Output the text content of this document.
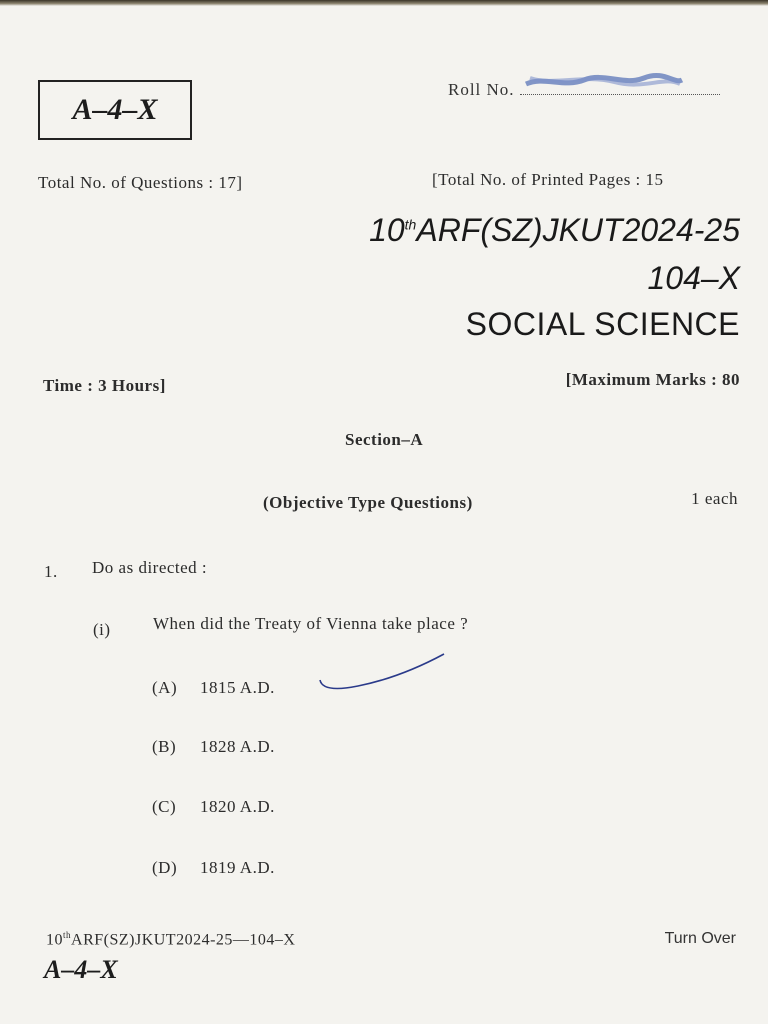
A–4–X
Roll No.
Total No. of Questions : 17]	[Total No. of Printed Pages : 15
10thARF(SZ)JKUT2024-25
104–X
SOCIAL SCIENCE
Time : 3 Hours]	[Maximum Marks : 80
Section–A
(Objective Type Questions)	1 each
1. Do as directed :
(i) When did the Treaty of Vienna take place ?
(A) 1815 A.D.
(B) 1828 A.D.
(C) 1820 A.D.
(D) 1819 A.D.
10thARF(SZ)JKUT2024-25—104–X	Turn Over
A–4–X
